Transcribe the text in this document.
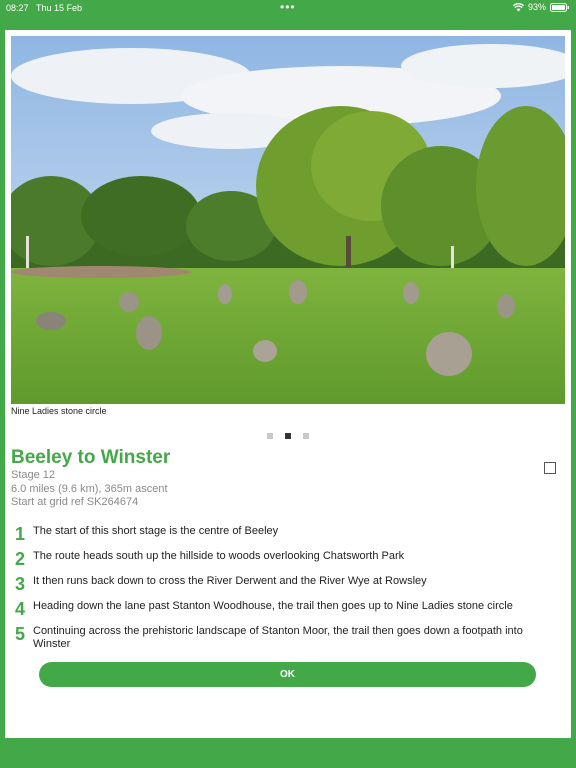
08:27 Thu 15 Feb	•••	93%
Nine Ladies stone circle
Beeley to Winster
Stage 12
6.0 miles (9.6 km), 365m ascent
Start at grid ref SK264674
1 The start of this short stage is the centre of Beeley
2 The route heads south up the hillside to woods overlooking Chatsworth Park
3 It then runs back down to cross the River Derwent and the River Wye at Rowsley
4 Heading down the lane past Stanton Woodhouse, the trail then goes up to Nine Ladies stone circle
5 Continuing across the prehistoric landscape of Stanton Moor, the trail then goes down a footpath into Winster
OK
